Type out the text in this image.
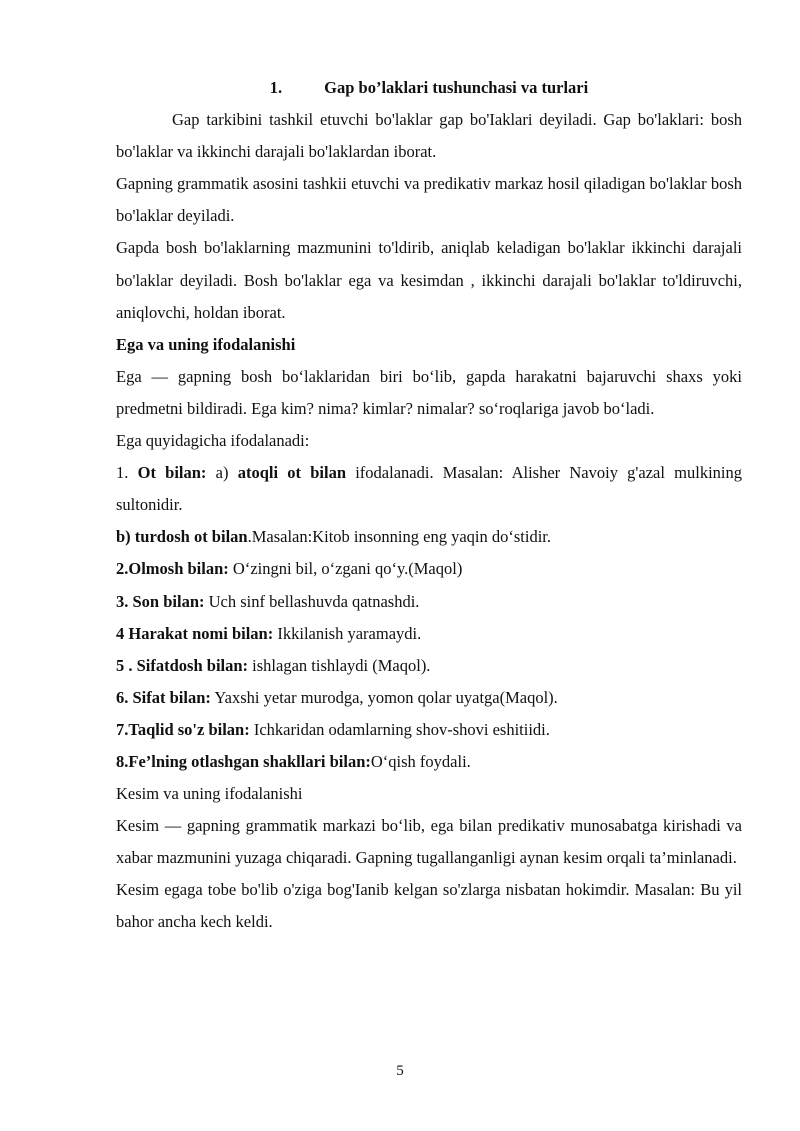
1.	Gap bo’laklari tushunchasi va turlari

Gap tarkibini tashkil etuvchi bo'laklar gap bo'Iaklari deyiladi. Gap bo'laklari: bosh bo'laklar va ikkinchi darajali bo'laklardan iborat.

Gapning grammatik asosini tashkii etuvchi va predikativ markaz hosil qiladigan bo'laklar bosh bo'laklar deyiladi.

Gapda bosh bo'laklarning mazmunini to'ldirib, aniqlab keladigan bo'laklar ikkinchi darajali bo'laklar deyiladi. Bosh bo'laklar ega va kesimdan , ikkinchi darajali bo'laklar to'ldiruvchi, aniqlovchi, holdan iborat.

Ega va uning ifodalanishi

Ega — gapning bosh bo‘laklaridan biri bo‘lib, gapda harakatni bajaruvchi shaxs yoki predmetni bildiradi. Ega kim? nima? kimlar? nimalar? so‘roqlariga javob bo‘ladi.

Ega quyidagicha ifodalanadi:

1. Ot bilan: a) atoqli ot bilan ifodalanadi. Masalan: Alisher Navoiy g'azal mulkining sultonidir.

b) turdosh ot bilan.Masalan:Kitob insonning eng yaqin do‘stidir.

2.Olmosh bilan: O‘zingni bil, o‘zgani qo‘y.(Maqol)

3. Son bilan: Uch sinf bellashuvda qatnashdi.

4 Harakat nomi bilan: Ikkilanish yaramaydi.

5 . Sifatdosh bilan: ishlagan tishlaydi (Maqol).

6. Sifat bilan: Yaxshi yetar murodga, yomon qolar uyatga(Maqol).

7.Taqlid so'z bilan: Ichkaridan odamlarning shov-shovi eshitiidi.

8.Fe’lning otlashgan shakllari bilan:O‘qish foydali.

Kesim va uning ifodalanishi

Kesim — gapning grammatik markazi bo‘lib, ega bilan predikativ munosabatga kirishadi va xabar mazmunini yuzaga chiqaradi. Gapning tugallanganligi aynan kesim orqali ta’minlanadi.

Kesim egaga tobe bo'lib o'ziga bog'Ianib kelgan so'zlarga nisbatan hokimdir. Masalan: Bu yil bahor ancha kech keldi.

5
